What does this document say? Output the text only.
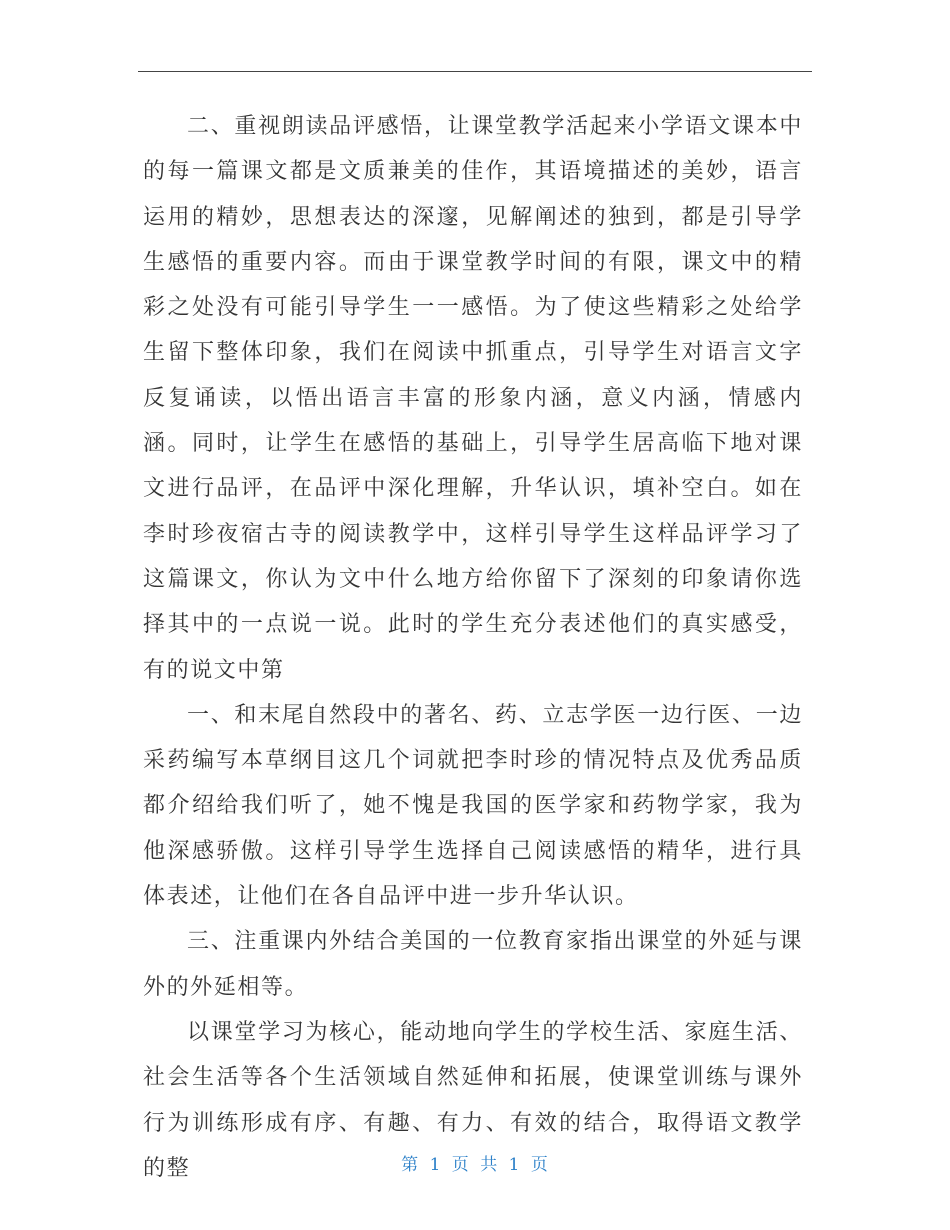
二、重视朗读品评感悟，让课堂教学活起来小学语文课本中的每一篇课文都是文质兼美的佳作，其语境描述的美妙，语言运用的精妙，思想表达的深邃，见解阐述的独到，都是引导学生感悟的重要内容。而由于课堂教学时间的有限，课文中的精彩之处没有可能引导学生一一感悟。为了使这些精彩之处给学生留下整体印象，我们在阅读中抓重点，引导学生对语言文字反复诵读，以悟出语言丰富的形象内涵，意义内涵，情感内涵。同时，让学生在感悟的基础上，引导学生居高临下地对课文进行品评，在品评中深化理解，升华认识，填补空白。如在李时珍夜宿古寺的阅读教学中，这样引导学生这样品评学习了这篇课文，你认为文中什么地方给你留下了深刻的印象请你选择其中的一点说一说。此时的学生充分表述他们的真实感受，有的说文中第

一、和末尾自然段中的著名、药、立志学医一边行医、一边采药编写本草纲目这几个词就把李时珍的情况特点及优秀品质都介绍给我们听了，她不愧是我国的医学家和药物学家，我为他深感骄傲。这样引导学生选择自己阅读感悟的精华，进行具体表述，让他们在各自品评中进一步升华认识。

三、注重课内外结合美国的一位教育家指出课堂的外延与课外的外延相等。

以课堂学习为核心，能动地向学生的学校生活、家庭生活、社会生活等各个生活领域自然延伸和拓展，使课堂训练与课外行为训练形成有序、有趣、有力、有效的结合，取得语文教学的整	第 1 页 共 1 页
